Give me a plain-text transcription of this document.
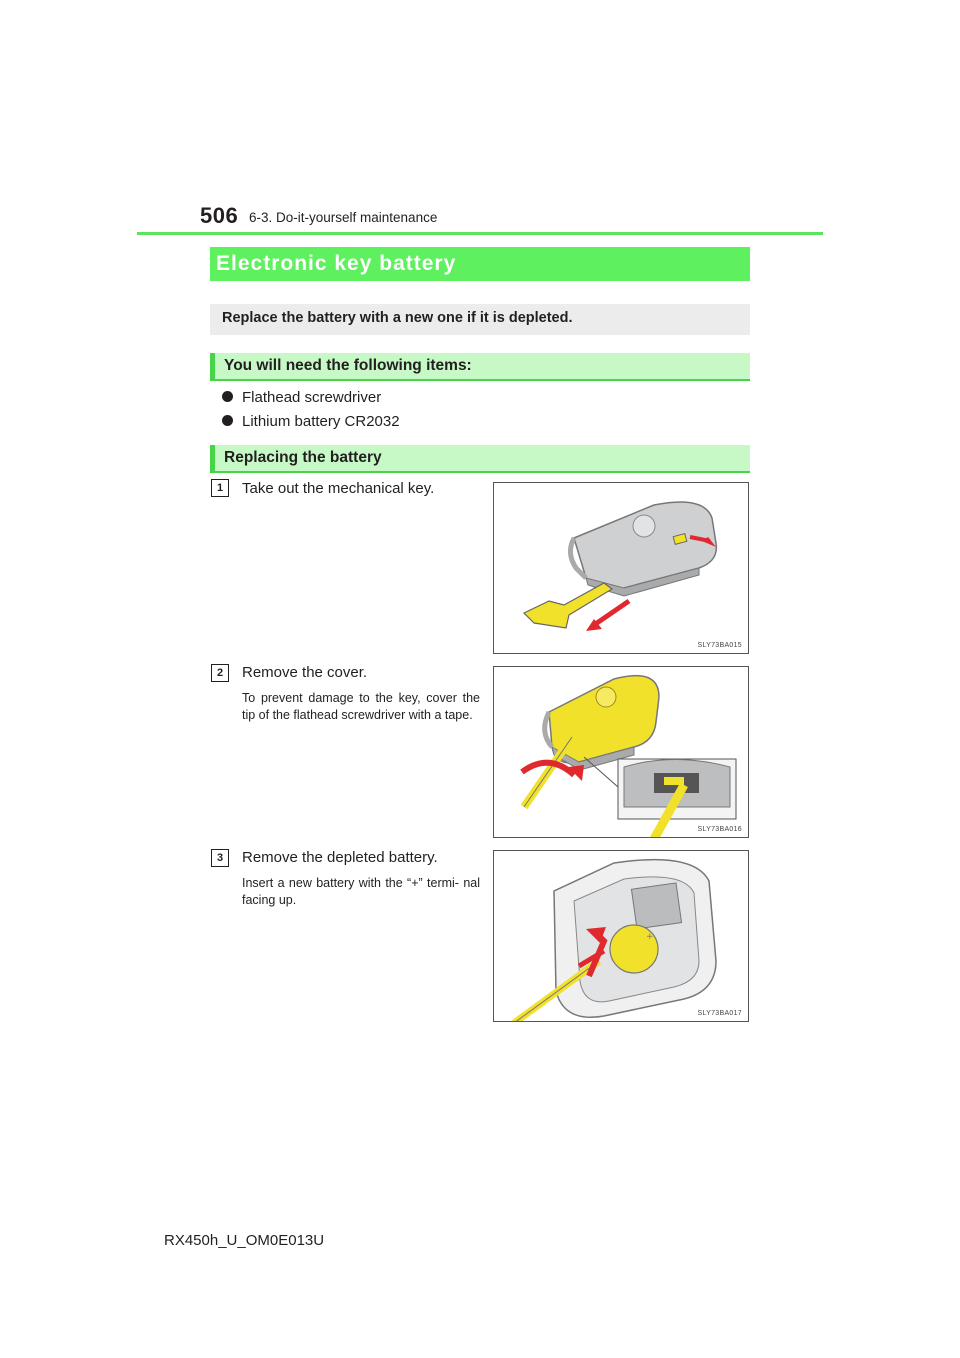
506 6-3. Do-it-yourself maintenance
Electronic key battery
Replace the battery with a new one if it is depleted.
You will need the following items:
Flathead screwdriver
Lithium battery CR2032
Replacing the battery
1	Take out the mechanical key.
SLY73BA015
2	Remove the cover.
To prevent damage to the key, cover the tip of the flathead screwdriver with a tape.
SLY73BA016
3	Remove the depleted battery.
Insert a new battery with the “+” termi- nal facing up.
+
SLY73BA017
RX450h_U_OM0E013U
